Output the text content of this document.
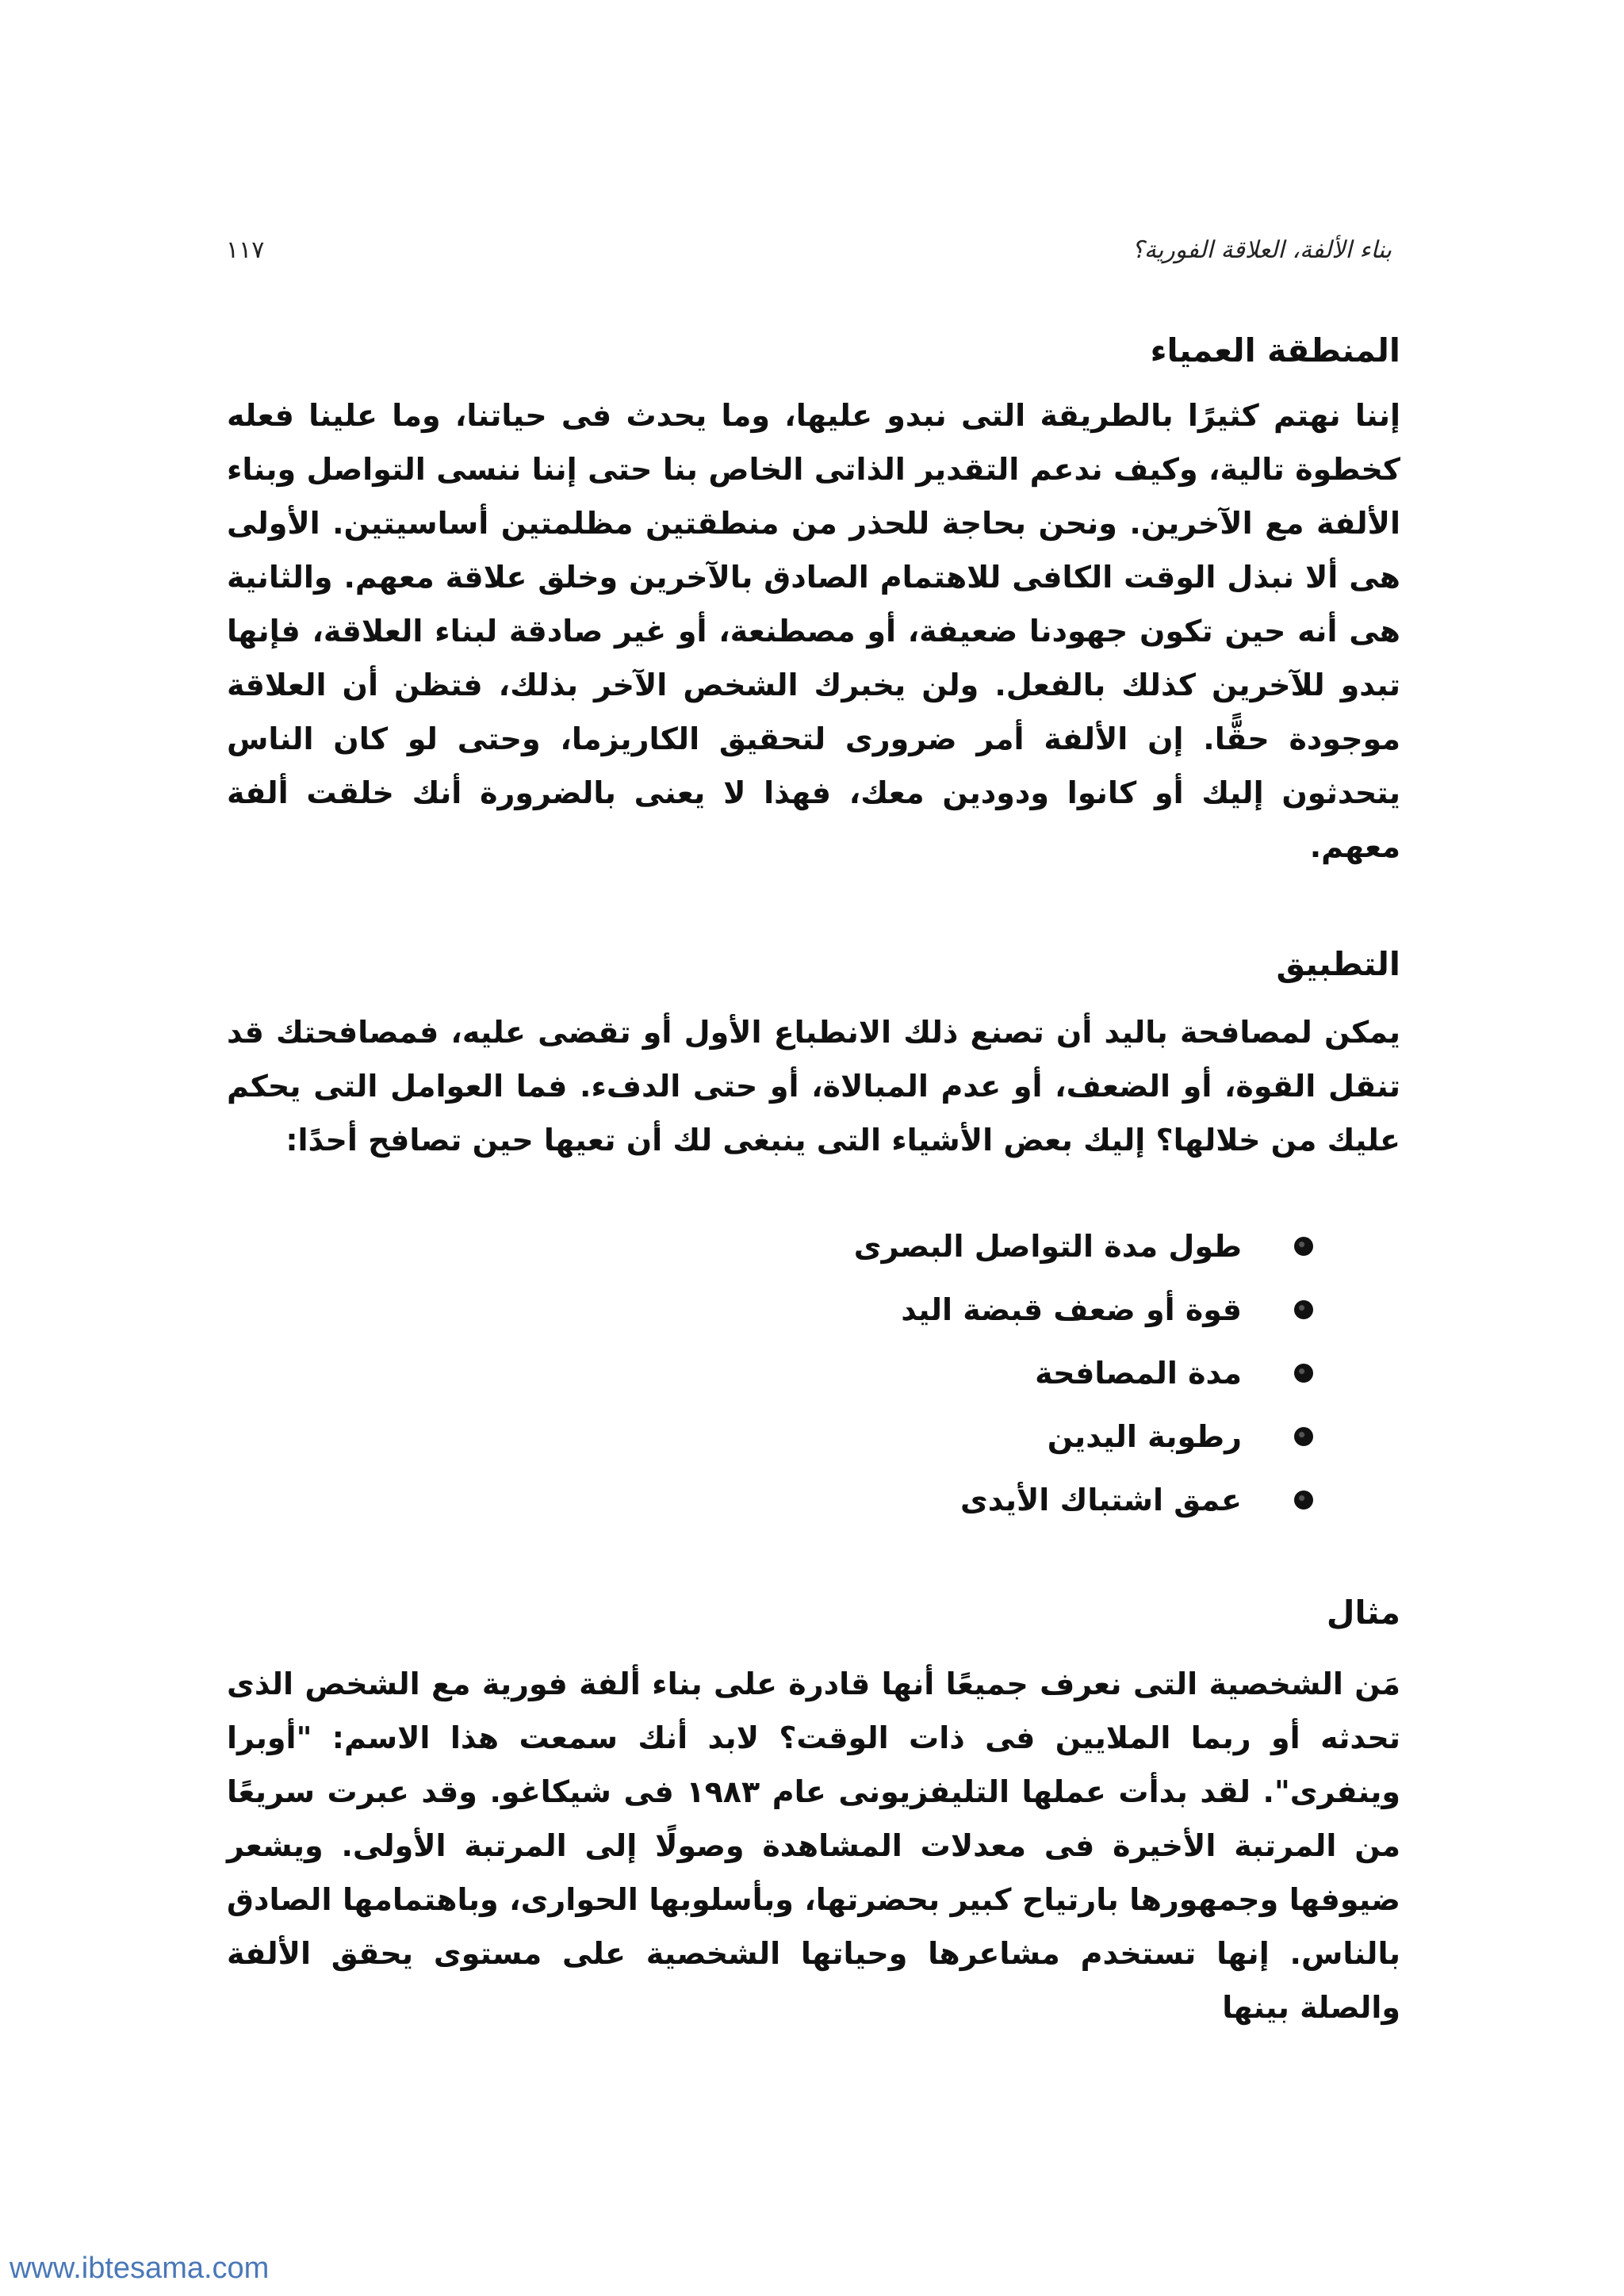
بناء الألفة، العلاقة الفورية؟
١١٧
المنطقة العمياء

إننا نهتم كثيرًا بالطريقة التى نبدو عليها، وما يحدث فى حياتنا، وما علينا فعله كخطوة تالية، وكيف ندعم التقدير الذاتى الخاص بنا حتى إننا ننسى التواصل وبناء الألفة مع الآخرين. ونحن بحاجة للحذر من منطقتين مظلمتين أساسيتين. الأولى هى ألا نبذل الوقت الكافى للاهتمام الصادق بالآخرين وخلق علاقة معهم. والثانية هى أنه حين تكون جهودنا ضعيفة، أو مصطنعة، أو غير صادقة لبناء العلاقة، فإنها تبدو للآخرين كذلك بالفعل. ولن يخبرك الشخص الآخر بذلك، فتظن أن العلاقة موجودة حقًّا. إن الألفة أمر ضرورى لتحقيق الكاريزما، وحتى لو كان الناس يتحدثون إليك أو كانوا ودودين معك، فهذا لا يعنى بالضرورة أنك خلقت ألفة معهم.

التطبيق

يمكن لمصافحة باليد أن تصنع ذلك الانطباع الأول أو تقضى عليه، فمصافحتك قد تنقل القوة، أو الضعف، أو عدم المبالاة، أو حتى الدفء. فما العوامل التى يحكم عليك من خلالها؟ إليك بعض الأشياء التى ينبغى لك أن تعيها حين تصافح أحدًا:

طول مدة التواصل البصرى
قوة أو ضعف قبضة اليد
مدة المصافحة
رطوبة اليدين
عمق اشتباك الأيدى
مثال

مَن الشخصية التى نعرف جميعًا أنها قادرة على بناء ألفة فورية مع الشخص الذى تحدثه أو ربما الملايين فى ذات الوقت؟ لابد أنك سمعت هذا الاسم: "أوبرا وينفرى". لقد بدأت عملها التليفزيونى عام ١٩٨٣ فى شيكاغو. وقد عبرت سريعًا من المرتبة الأخيرة فى معدلات المشاهدة وصولًا إلى المرتبة الأولى. ويشعر ضيوفها وجمهورها بارتياح كبير بحضرتها، وبأسلوبها الحوارى، وباهتمامها الصادق بالناس. إنها تستخدم مشاعرها وحياتها الشخصية على مستوى يحقق الألفة والصلة بينها

www.ibtesama.com
